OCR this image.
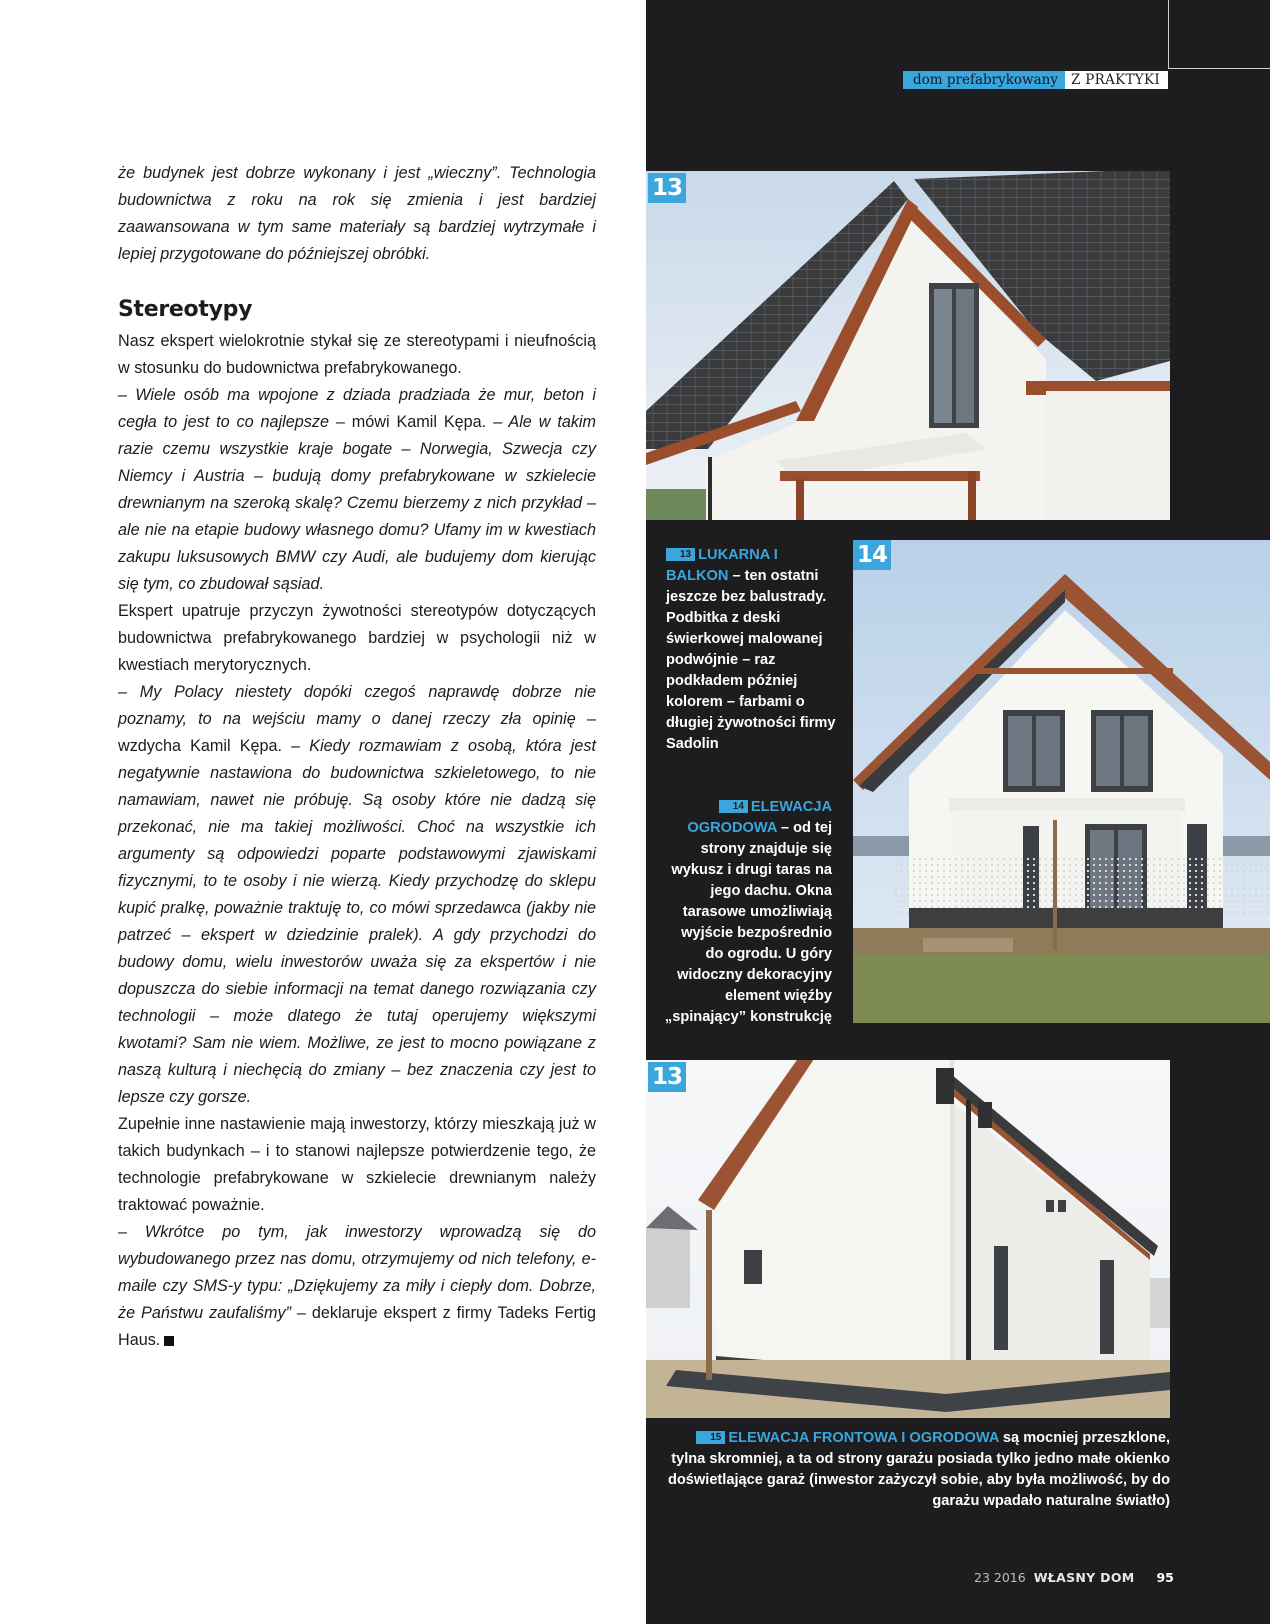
że budynek jest dobrze wykonany i jest „wieczny”. Technologia budownictwa z roku na rok się zmienia i jest bardziej zaawansowana w tym same materiały są bardziej wytrzymałe i lepiej przygotowane do późniejszej obróbki.

Stereotypy

Nasz ekspert wielokrotnie stykał się ze stereotypami i nieufnością w stosunku do budownictwa prefabrykowanego.

– Wiele osób ma wpojone z dziada pradziada że mur, beton i cegła to jest to co najlepsze – mówi Kamil Kępa. – Ale w takim razie czemu wszystkie kraje bogate – Norwegia, Szwecja czy Niemcy i Austria – budują domy prefabrykowane w szkielecie drewnianym na szeroką skalę? Czemu bierzemy z nich przykład – ale nie na etapie budowy własnego domu? Ufamy im w kwestiach zakupu luksusowych BMW czy Audi, ale budujemy dom kierując się tym, co zbudował sąsiad.

Ekspert upatruje przyczyn żywotności stereotypów dotyczących budownictwa prefabrykowanego bardziej w psychologii niż w kwestiach merytorycznych.

– My Polacy niestety dopóki czegoś naprawdę dobrze nie poznamy, to na wejściu mamy o danej rzeczy zła opinię – wzdycha Kamil Kępa. – Kiedy rozmawiam z osobą, która jest negatywnie nastawiona do budownictwa szkieletowego, to nie namawiam, nawet nie próbuję. Są osoby które nie dadzą się przekonać, nie ma takiej możliwości. Choć na wszystkie ich argumenty są odpowiedzi poparte podstawowymi zjawiskami fizycznymi, to te osoby i nie wierzą. Kiedy przychodzę do sklepu kupić pralkę, poważnie traktuję to, co mówi sprzedawca (jakby nie patrzeć – ekspert w dziedzinie pralek). A gdy przychodzi do budowy domu, wielu inwestorów uważa się za ekspertów i nie dopuszcza do siebie informacji na temat danego rozwiązania czy technologii – może dlatego że tutaj operujemy większymi kwotami? Sam nie wiem. Możliwe, ze jest to mocno powiązane z naszą kulturą i niechęcią do zmiany – bez znaczenia czy jest to lepsze czy gorsze.

Zupełnie inne nastawienie mają inwestorzy, którzy mieszkają już w takich budynkach – i to stanowi najlepsze potwierdzenie tego, że technologie prefabrykowane w szkielecie drewnianym należy traktować poważnie.

– Wkrótce po tym, jak inwestorzy wprowadzą się do wybudowanego przez nas domu, otrzymujemy od nich telefony, e-maile czy SMS-y typu: „Dziękujemy za miły i ciepły dom. Dobrze, że Państwu zaufaliśmy” – deklaruje ekspert z firmy Tadeks Fertig Haus.

dom prefabrykowany Z PRAKTYKI
13
13 LUKARNA I BALKON – ten ostatni jeszcze bez balustrady. Podbitka z deski świerkowej malowanej podwójnie – raz podkładem później kolorem – farbami o długiej żywotności firmy Sadolin
14
14 ELEWACJA OGRODOWA – od tej strony znajduje się wykusz i drugi taras na jego dachu. Okna tarasowe umożliwiają wyjście bezpośrednio do ogrodu. U góry widoczny dekoracyjny element więźby „spinający” konstrukcję
13
15 ELEWACJA FRONTOWA I OGRODOWA są mocniej przeszklone, tylna skromniej, a ta od strony garażu posiada tylko jedno małe okienko doświetlające garaż (inwestor zażyczył sobie, aby była możliwość, by do garażu wpadało naturalne światło)
23 2016 WŁASNY DOM 95
